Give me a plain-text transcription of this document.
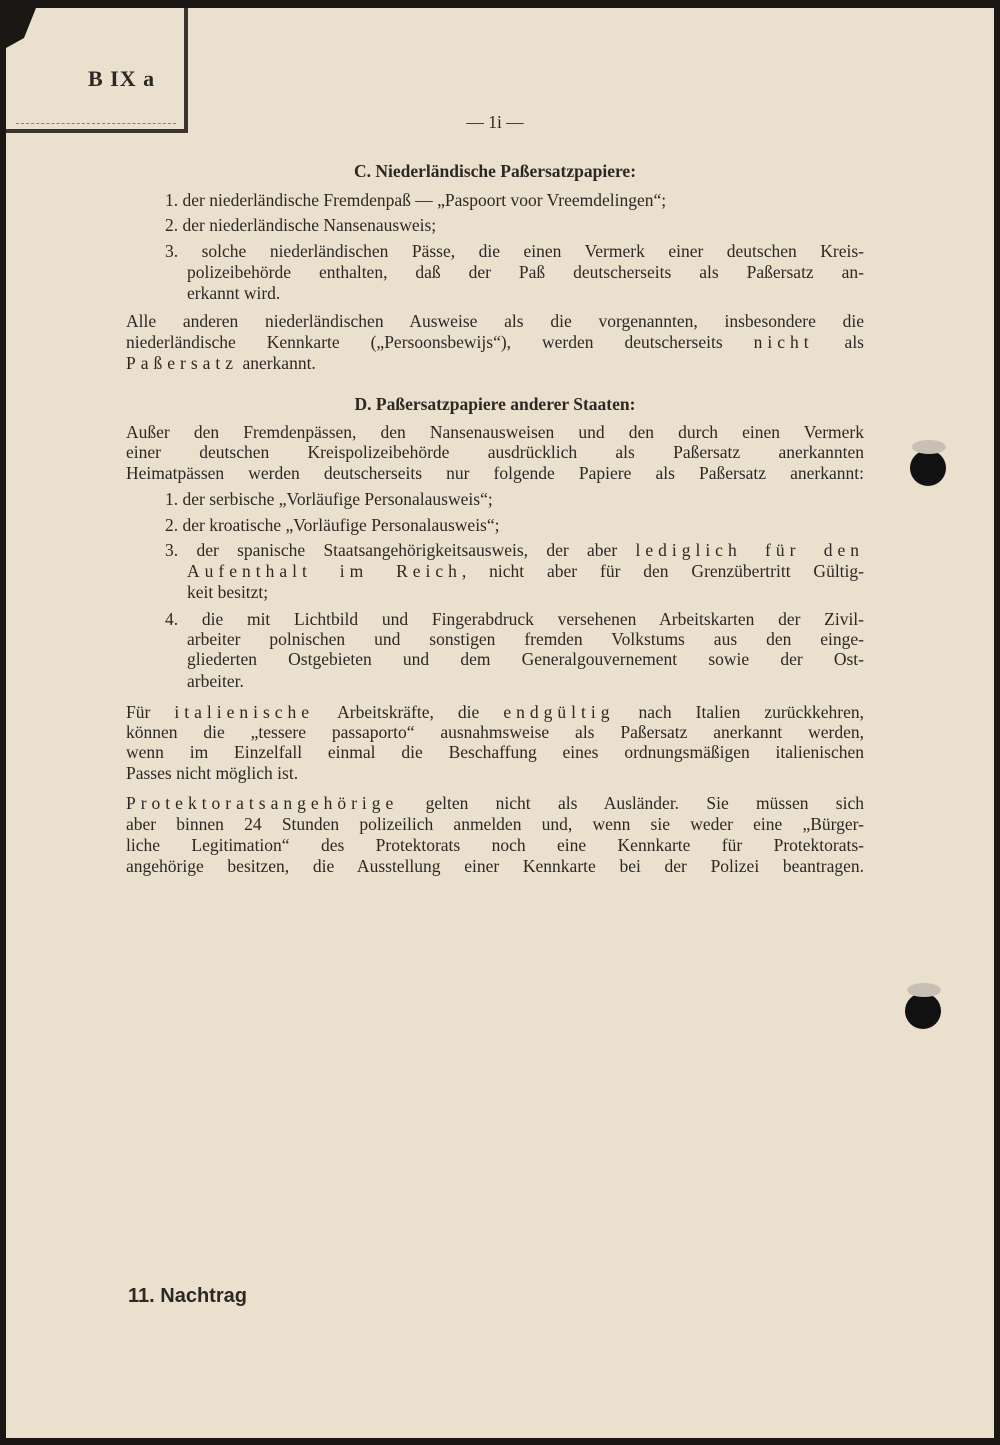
B IX a
— 1i —
C. Niederländische Paßersatzpapiere:
1. der niederländische Fremdenpaß — „Paspoort voor Vreemdelingen“;
2. der niederländische Nansenausweis;
3. solche niederländischen Pässe, die einen Vermerk einer deutschen Kreis-
polizeibehörde enthalten, daß der Paß deutscherseits als Paßersatz an-
erkannt wird.
Alle anderen niederländischen Ausweise als die vorgenannten, insbesondere die
niederländische Kennkarte („Persoonsbewijs“), werden deutscherseits nicht als
Paßersatz anerkannt.
D. Paßersatzpapiere anderer Staaten:
Außer den Fremdenpässen, den Nansenausweisen und den durch einen Vermerk
einer deutschen Kreispolizeibehörde ausdrücklich als Paßersatz anerkannten
Heimatpässen werden deutscherseits nur folgende Papiere als Paßersatz anerkannt:
1. der serbische „Vorläufige Personalausweis“;
2. der kroatische „Vorläufige Personalausweis“;
3. der spanische Staatsangehörigkeitsausweis, der aber lediglich für den
Aufenthalt im Reich, nicht aber für den Grenzübertritt Gültig-
keit besitzt;
4. die mit Lichtbild und Fingerabdruck versehenen Arbeitskarten der Zivil-
arbeiter polnischen und sonstigen fremden Volkstums aus den einge-
gliederten Ostgebieten und dem Generalgouvernement sowie der Ost-
arbeiter.
Für italienische Arbeitskräfte, die endgültig nach Italien zurückkehren,
können die „tessere passaporto“ ausnahmsweise als Paßersatz anerkannt werden,
wenn im Einzelfall einmal die Beschaffung eines ordnungsmäßigen italienischen
Passes nicht möglich ist.
Protektoratsangehörige gelten nicht als Ausländer. Sie müssen sich
aber binnen 24 Stunden polizeilich anmelden und, wenn sie weder eine „Bürger-
liche Legitimation“ des Protektorats noch eine Kennkarte für Protektorats-
angehörige besitzen, die Ausstellung einer Kennkarte bei der Polizei beantragen.
11. Nachtrag
